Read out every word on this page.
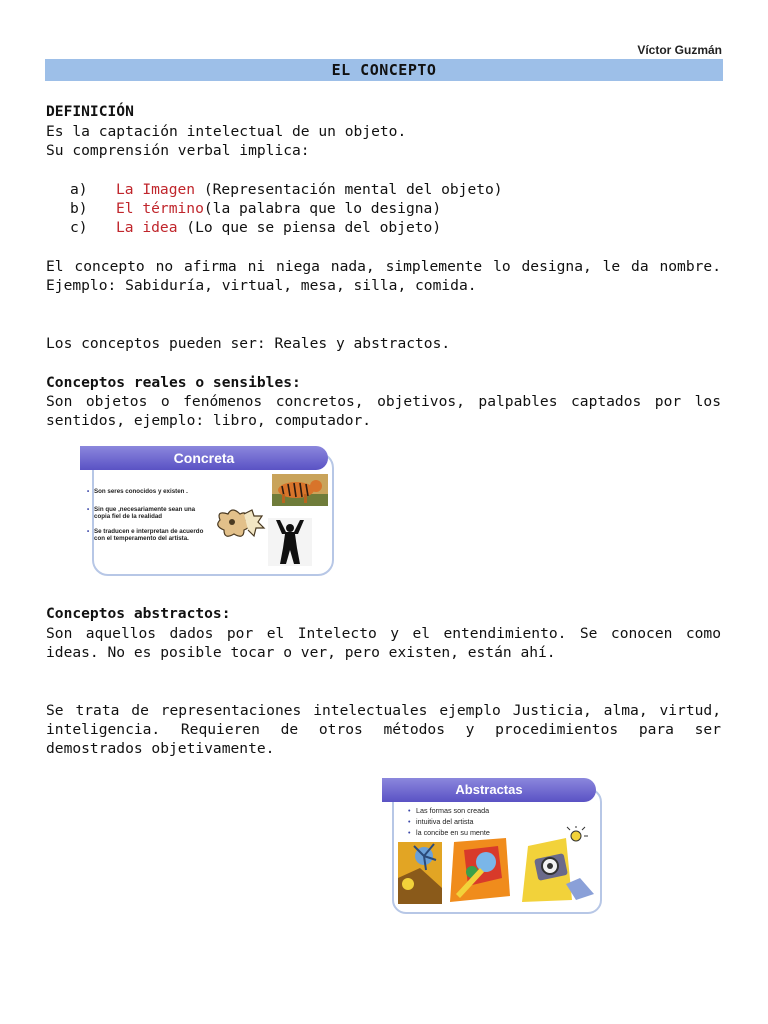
Víctor Guzmán
EL CONCEPTO

DEFINICIÓN

Es la captación intelectual de un objeto.

Su comprensión verbal implica:

a) La Imagen (Representación mental del objeto)
b) El término(la palabra que lo designa)
c) La idea (Lo que se piensa del objeto)

El concepto no afirma ni niega nada, simplemente lo designa, le da nombre. Ejemplo: Sabiduría, virtual, mesa, silla, comida.

Los conceptos pueden ser: Reales y abstractos.

Conceptos reales o sensibles:

Son objetos o fenómenos concretos, objetivos, palpables captados por los sentidos, ejemplo: libro, computador.

Concreta
• Son seres conocidos y existen .
• Sin que ,necesariamente sean una copia fiel de la realidad
• Se traducen e interpretan de acuerdo con el temperamento del artista.

Conceptos abstractos:

Son aquellos dados por el Intelecto y el entendimiento. Se conocen como ideas. No es posible tocar o ver, pero existen, están ahí.

Se trata de representaciones intelectuales ejemplo Justicia, alma, virtud, inteligencia. Requieren de otros métodos y procedimientos para ser demostrados objetivamente.

Abstractas
• Las formas son creada
• intuitiva del artista
• la concibe en su mente
